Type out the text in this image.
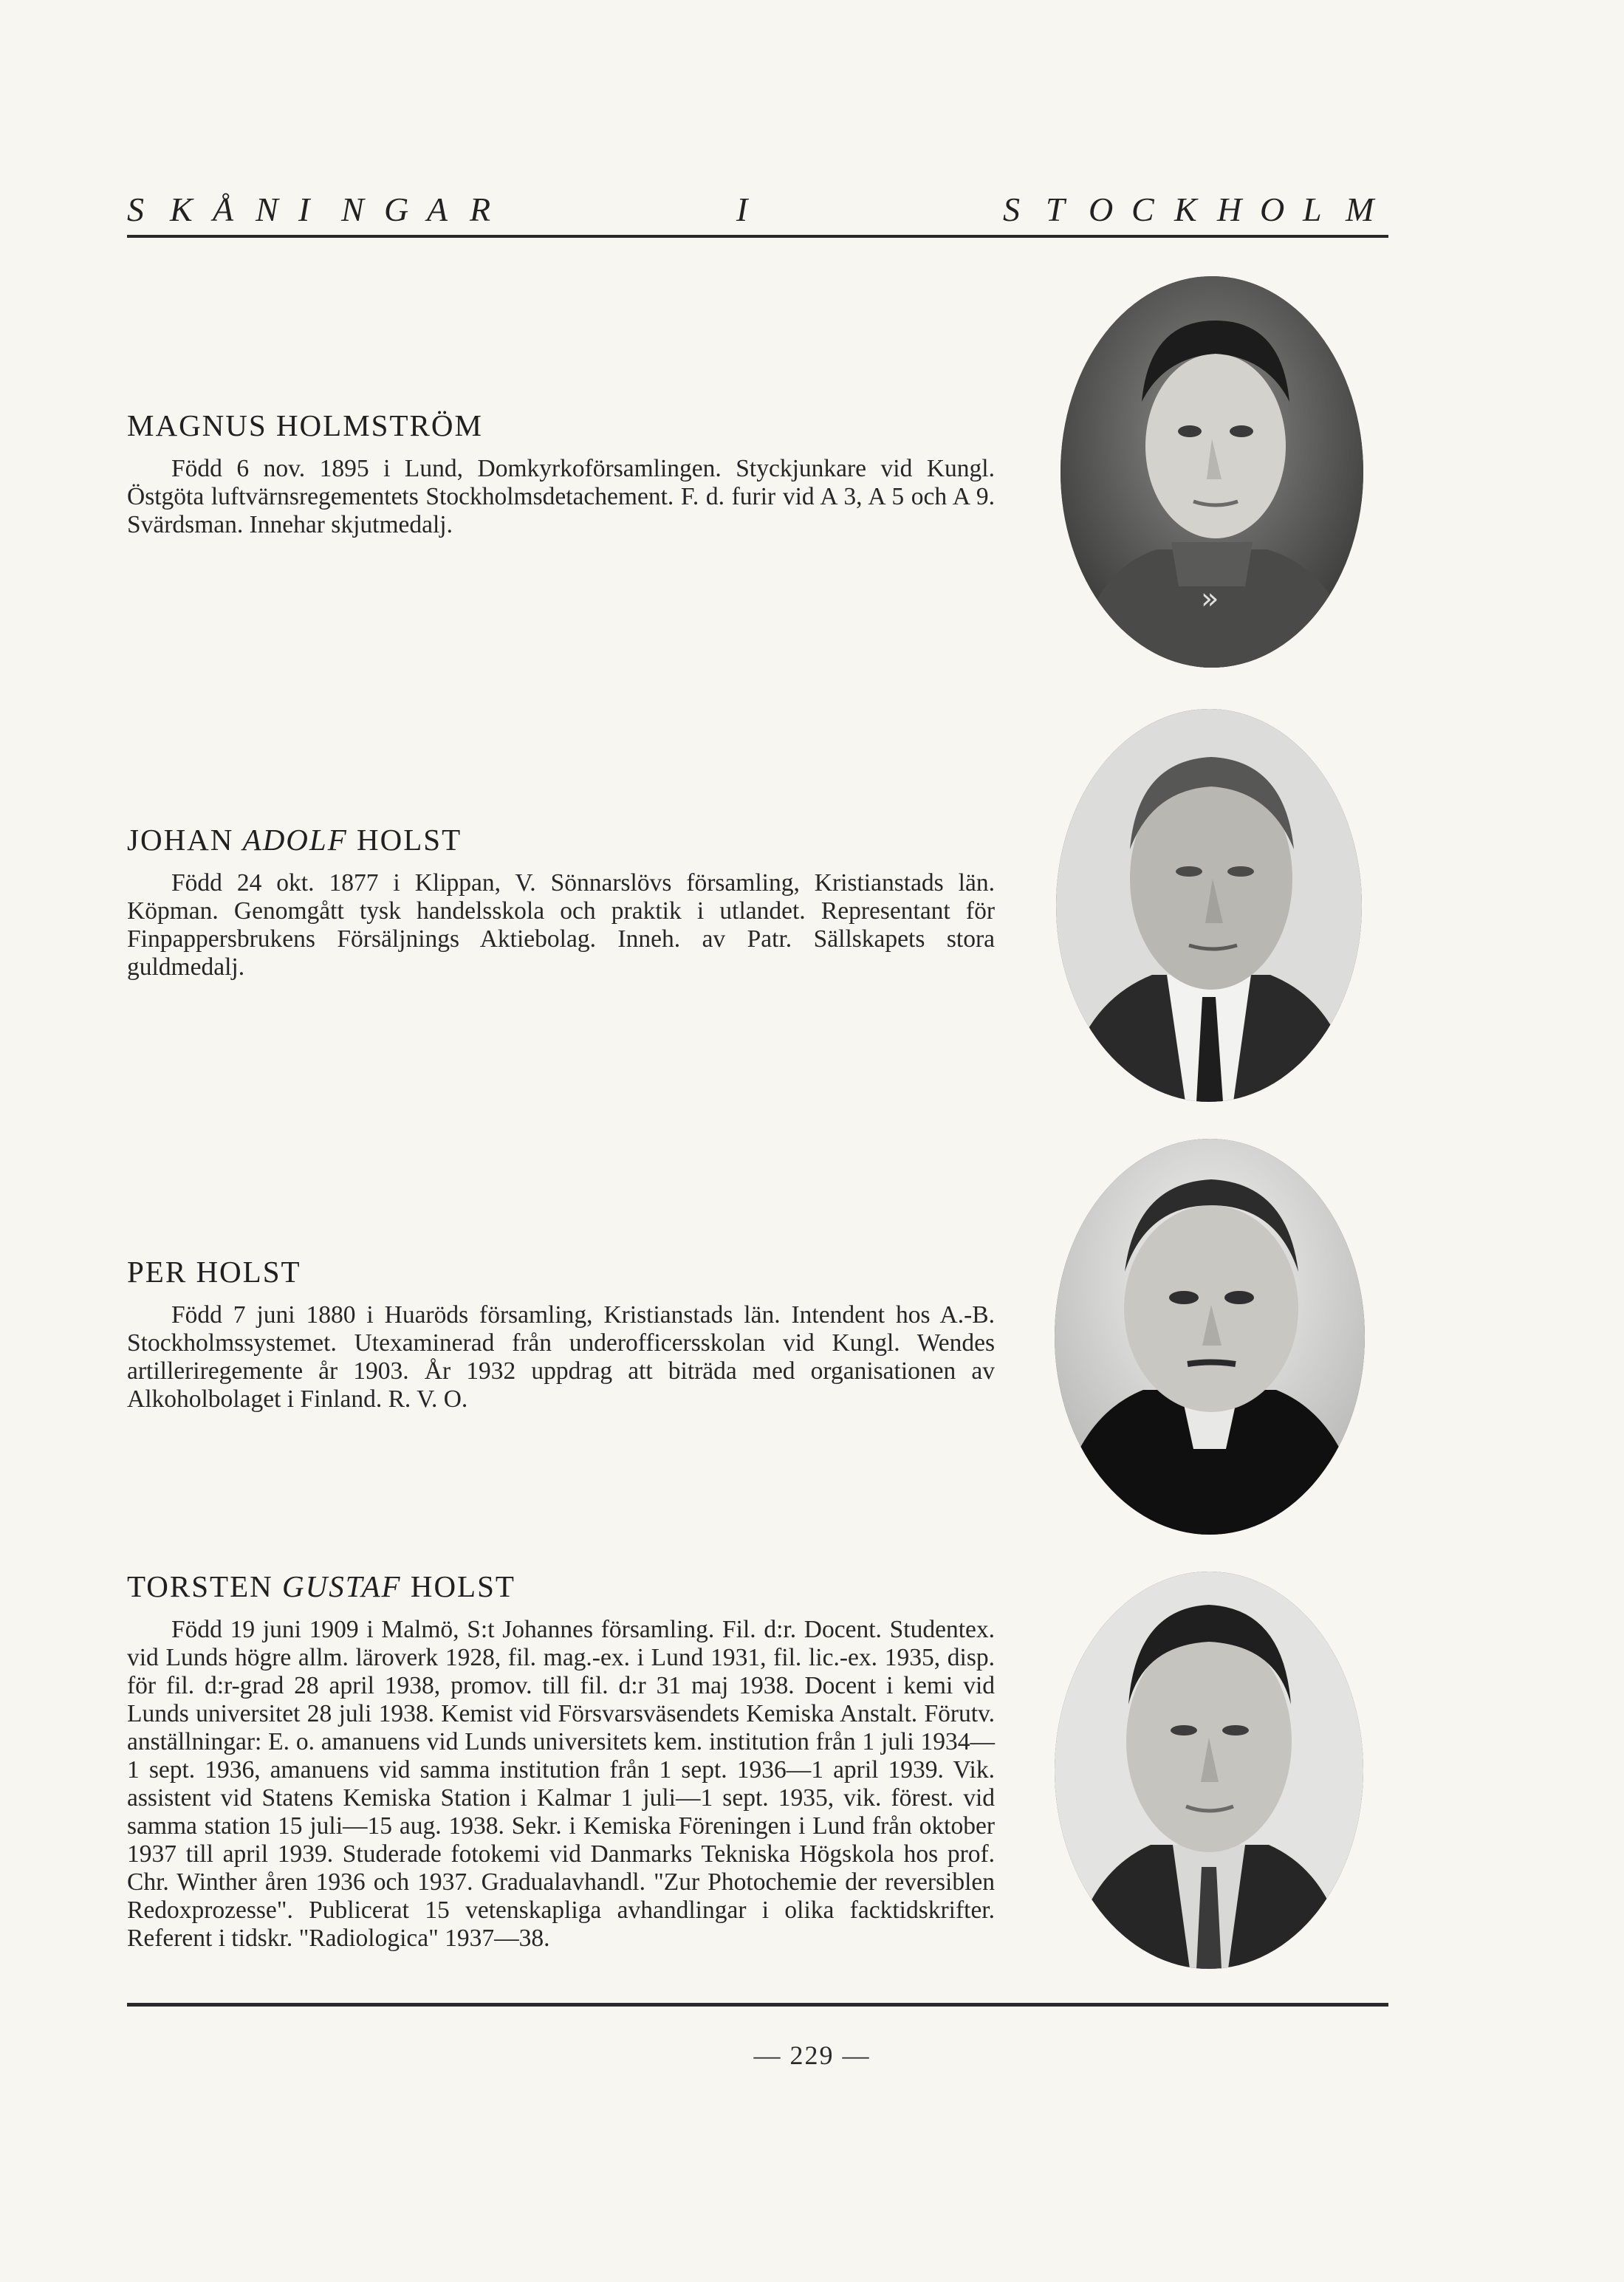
S K Å N I N G A R	I	S T O C K H O L M
MAGNUS HOLMSTRÖM

Född 6 nov. 1895 i Lund, Domkyrkoförsamlingen. Styckjunkare vid Kungl. Östgöta luftvärnsregementets Stockholmsdetachement. F. d. furir vid A 3, A 5 och A 9. Svärdsman. Innehar skjutmedalj.

»
JOHAN ADOLF HOLST

Född 24 okt. 1877 i Klippan, V. Sönnarslövs församling, Kristianstads län. Köpman. Genomgått tysk handelsskola och praktik i utlandet. Representant för Finpappersbrukens Försäljnings Aktiebolag. Inneh. av Patr. Sällskapets stora guldmedalj.

PER HOLST

Född 7 juni 1880 i Huaröds församling, Kristianstads län. Intendent hos A.-B. Stockholmssystemet. Utexaminerad från underofficersskolan vid Kungl. Wendes artilleriregemente år 1903. År 1932 uppdrag att biträda med organisationen av Alkoholbolaget i Finland. R. V. O.

TORSTEN GUSTAF HOLST

Född 19 juni 1909 i Malmö, S:t Johannes församling. Fil. d:r. Docent. Studentex. vid Lunds högre allm. läroverk 1928, fil. mag.-ex. i Lund 1931, fil. lic.-ex. 1935, disp. för fil. d:r-grad 28 april 1938, promov. till fil. d:r 31 maj 1938. Docent i kemi vid Lunds universitet 28 juli 1938. Kemist vid Försvarsväsendets Kemiska Anstalt. Förutv. anställningar: E. o. amanuens vid Lunds universitets kem. institution från 1 juli 1934—1 sept. 1936, amanuens vid samma institution från 1 sept. 1936—1 april 1939. Vik. assistent vid Statens Kemiska Station i Kalmar 1 juli—1 sept. 1935, vik. förest. vid samma station 15 juli—15 aug. 1938. Sekr. i Kemiska Föreningen i Lund från oktober 1937 till april 1939. Studerade fotokemi vid Danmarks Tekniska Högskola hos prof. Chr. Winther åren 1936 och 1937. Gradualavhandl. "Zur Photochemie der reversiblen Redoxprozesse". Publicerat 15 vetenskapliga avhandlingar i olika facktidskrifter. Referent i tidskr. "Radiologica" 1937—38.

— 229 —
